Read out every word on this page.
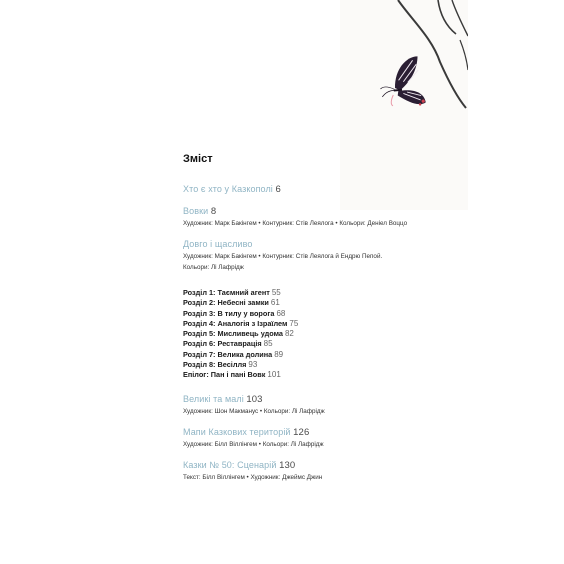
Зміст
Хто є хто у Казкополі 6
Вовки 8
Художник: Марк Бакінгем • Контурник: Стів Леялога • Кольори: Деніел Воццо
Довго і щасливо
Художник: Марк Бакінгем • Контурник: Стів Леялога й Ендрю Пепой.
Кольори: Лі Лафрідж
Розділ 1: Таємний агент 55
Розділ 2: Небесні замки 61
Розділ 3: В тилу у ворога 68
Розділ 4: Аналогія з Ізраїлем 75
Розділ 5: Мисливець удома 82
Розділ 6: Реставрація 85
Розділ 7: Велика долина 89
Розділ 8: Весілля 93
Епілог: Пан і пані Вовк 101
Великі та малі 103
Художник: Шон Макманус • Кольори: Лі Лафрідж
Мапи Казкових територій 126
Художник: Білл Віллінгем • Кольори: Лі Лафрідж
Казки № 50: Сценарій 130
Текст: Білл Віллінгем • Художник: Джеймс Джин
